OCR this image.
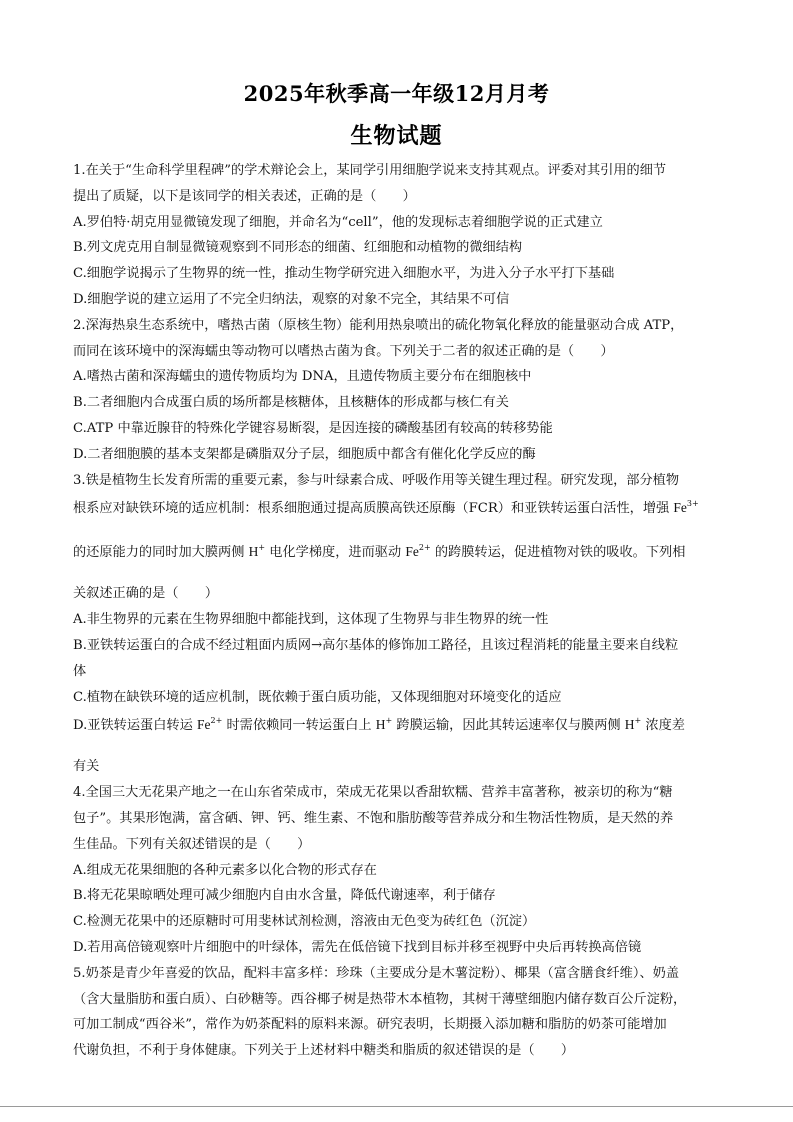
2025年秋季高一年级12月月考
生物试题
1.在关于“生命科学里程碑”的学术辩论会上，某同学引用细胞学说来支持其观点。评委对其引用的细节
提出了质疑，以下是该同学的相关表述，正确的是（　　）
A.罗伯特·胡克用显微镜发现了细胞，并命名为“cell”，他的发现标志着细胞学说的正式建立
B.列文虎克用自制显微镜观察到不同形态的细菌、红细胞和动植物的微细结构
C.细胞学说揭示了生物界的统一性，推动生物学研究进入细胞水平，为进入分子水平打下基础
D.细胞学说的建立运用了不完全归纳法，观察的对象不完全，其结果不可信
2.深海热泉生态系统中，嗜热古菌（原核生物）能利用热泉喷出的硫化物氧化释放的能量驱动合成 ATP，
而同在该环境中的深海蠕虫等动物可以嗜热古菌为食。下列关于二者的叙述正确的是（　　）
A.嗜热古菌和深海蠕虫的遗传物质均为 DNA，且遗传物质主要分布在细胞核中
B.二者细胞内合成蛋白质的场所都是核糖体，且核糖体的形成都与核仁有关
C.ATP 中靠近腺苷的特殊化学键容易断裂，是因连接的磷酸基团有较高的转移势能
D.二者细胞膜的基本支架都是磷脂双分子层，细胞质中都含有催化化学反应的酶
3.铁是植物生长发育所需的重要元素，参与叶绿素合成、呼吸作用等关键生理过程。研究发现，部分植物
根系应对缺铁环境的适应机制：根系细胞通过提高质膜高铁还原酶（FCR）和亚铁转运蛋白活性，增强 $Fe^{3+}$
的还原能力的同时加大膜两侧 H+ 电化学梯度，进而驱动 $Fe^{2+}$ 的跨膜转运，促进植物对铁的吸收。下列相
关叙述正确的是（　　）
A.非生物界的元素在生物界细胞中都能找到，这体现了生物界与非生物界的统一性
B.亚铁转运蛋白的合成不经过粗面内质网→高尔基体的修饰加工路径，且该过程消耗的能量主要来自线粒
体
C.植物在缺铁环境的适应机制，既依赖于蛋白质功能，又体现细胞对环境变化的适应
D.亚铁转运蛋白转运 $Fe^{2+}$ 时需依赖同一转运蛋白上 H+ 跨膜运输，因此其转运速率仅与膜两侧 H+ 浓度差
有关
4.全国三大无花果产地之一在山东省荣成市，荣成无花果以香甜软糯、营养丰富著称，被亲切的称为“糖
包子”。其果形饱满，富含硒、钾、钙、维生素、不饱和脂肪酸等营养成分和生物活性物质，是天然的养
生佳品。下列有关叙述错误的是（　　）
A.组成无花果细胞的各种元素多以化合物的形式存在
B.将无花果晾晒处理可减少细胞内自由水含量，降低代谢速率，利于储存
C.检测无花果中的还原糖时可用斐林试剂检测，溶液由无色变为砖红色（沉淀）
D.若用高倍镜观察叶片细胞中的叶绿体，需先在低倍镜下找到目标并移至视野中央后再转换高倍镜
5.奶茶是青少年喜爱的饮品，配料丰富多样：珍珠（主要成分是木薯淀粉）、椰果（富含膳食纤维）、奶盖
（含大量脂肪和蛋白质）、白砂糖等。西谷椰子树是热带木本植物，其树干薄壁细胞内储存数百公斤淀粉，
可加工制成“西谷米”，常作为奶茶配料的原料来源。研究表明，长期摄入添加糖和脂肪的奶茶可能增加
代谢负担，不利于身体健康。下列关于上述材料中糖类和脂质的叙述错误的是（　　）
